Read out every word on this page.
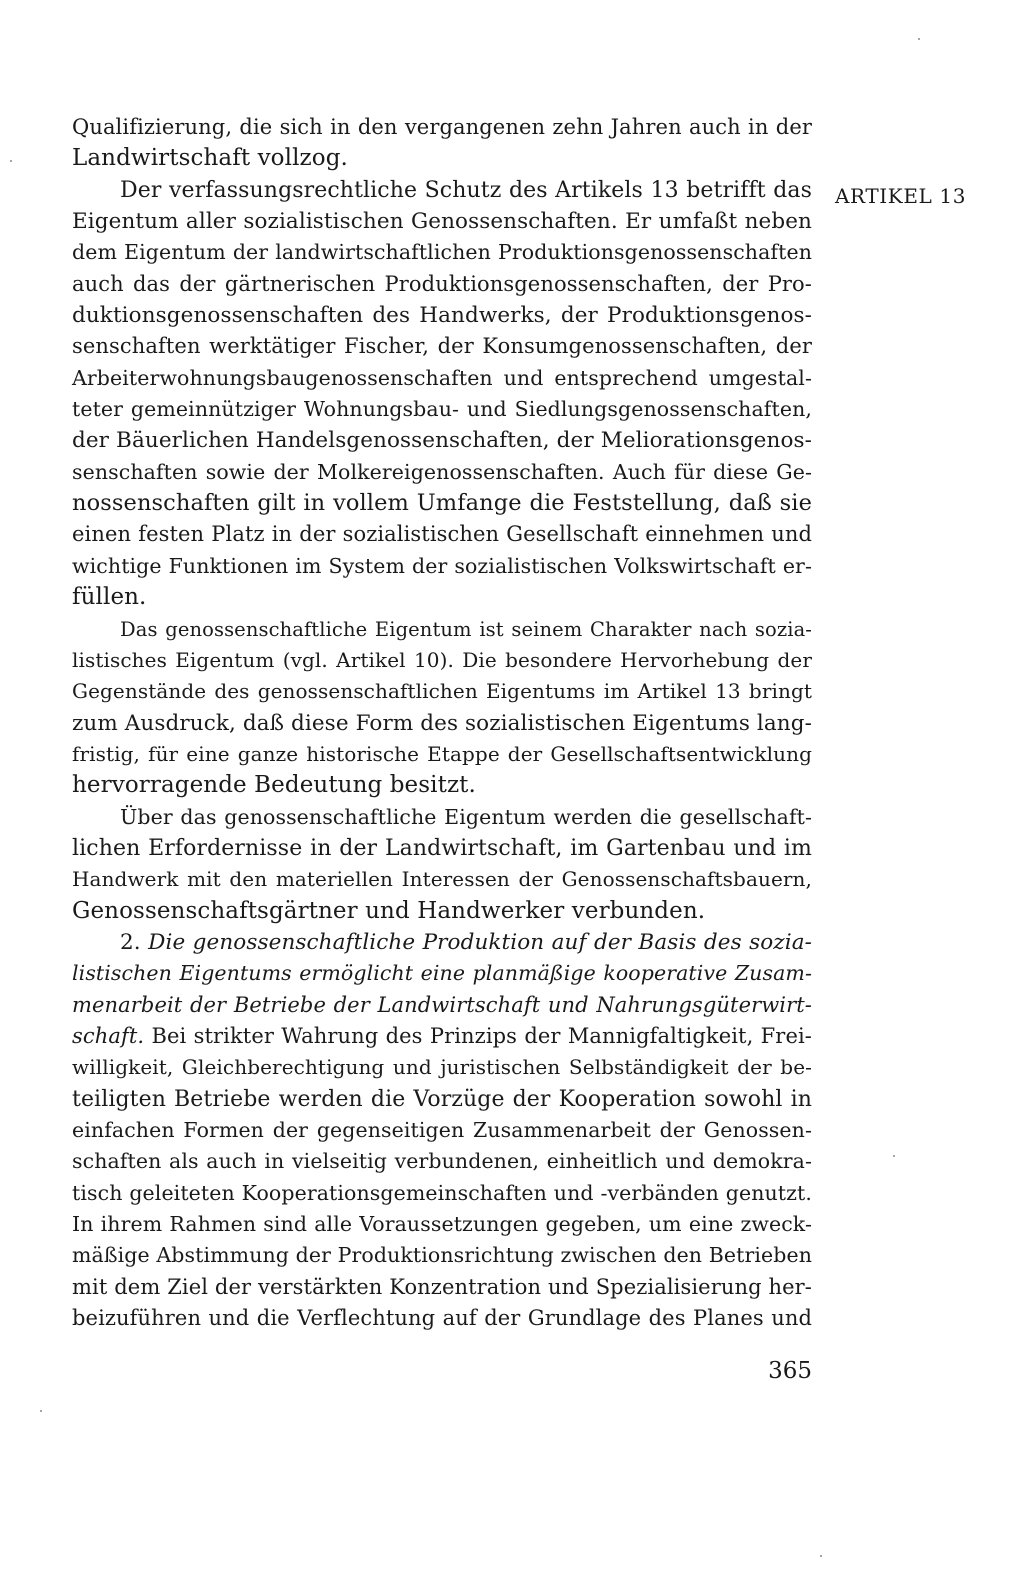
Qualifizierung, die sich in den vergangenen zehn Jahren auch in der
Landwirtschaft vollzog.
Der verfassungsrechtliche Schutz des Artikels 13 betrifft das
Eigentum aller sozialistischen Genossenschaften. Er umfaßt neben
dem Eigentum der landwirtschaftlichen Produktionsgenossenschaften
auch das der gärtnerischen Produktionsgenossenschaften, der Pro-
duktionsgenossenschaften des Handwerks, der Produktionsgenos-
senschaften werktätiger Fischer, der Konsumgenossenschaften, der
Arbeiterwohnungsbaugenossenschaften und entsprechend umgestal-
teter gemeinnütziger Wohnungsbau- und Siedlungsgenossenschaften,
der Bäuerlichen Handelsgenossenschaften, der Meliorationsgenos-
senschaften sowie der Molkereigenossenschaften. Auch für diese Ge-
nossenschaften gilt in vollem Umfange die Feststellung, daß sie
einen festen Platz in der sozialistischen Gesellschaft einnehmen und
wichtige Funktionen im System der sozialistischen Volkswirtschaft er-
füllen.
Das genossenschaftliche Eigentum ist seinem Charakter nach sozia-
listisches Eigentum (vgl. Artikel 10). Die besondere Hervorhebung der
Gegenstände des genossenschaftlichen Eigentums im Artikel 13 bringt
zum Ausdruck, daß diese Form des sozialistischen Eigentums lang-
fristig, für eine ganze historische Etappe der Gesellschaftsentwicklung
hervorragende Bedeutung besitzt.
Über das genossenschaftliche Eigentum werden die gesellschaft-
lichen Erfordernisse in der Landwirtschaft, im Gartenbau und im
Handwerk mit den materiellen Interessen der Genossenschaftsbauern,
Genossenschaftsgärtner und Handwerker verbunden.
2. Die genossenschaftliche Produktion auf der Basis des sozia-
listischen Eigentums ermöglicht eine planmäßige kooperative Zusam-
menarbeit der Betriebe der Landwirtschaft und Nahrungsgüterwirt-
schaft. Bei strikter Wahrung des Prinzips der Mannigfaltigkeit, Frei-
willigkeit, Gleichberechtigung und juristischen Selbständigkeit der be-
teiligten Betriebe werden die Vorzüge der Kooperation sowohl in
einfachen Formen der gegenseitigen Zusammenarbeit der Genossen-
schaften als auch in vielseitig verbundenen, einheitlich und demokra-
tisch geleiteten Kooperationsgemeinschaften und -verbänden genutzt.
In ihrem Rahmen sind alle Voraussetzungen gegeben, um eine zweck-
mäßige Abstimmung der Produktionsrichtung zwischen den Betrieben
mit dem Ziel der verstärkten Konzentration und Spezialisierung her-
beizuführen und die Verflechtung auf der Grundlage des Planes und
ARTIKEL 13
365
